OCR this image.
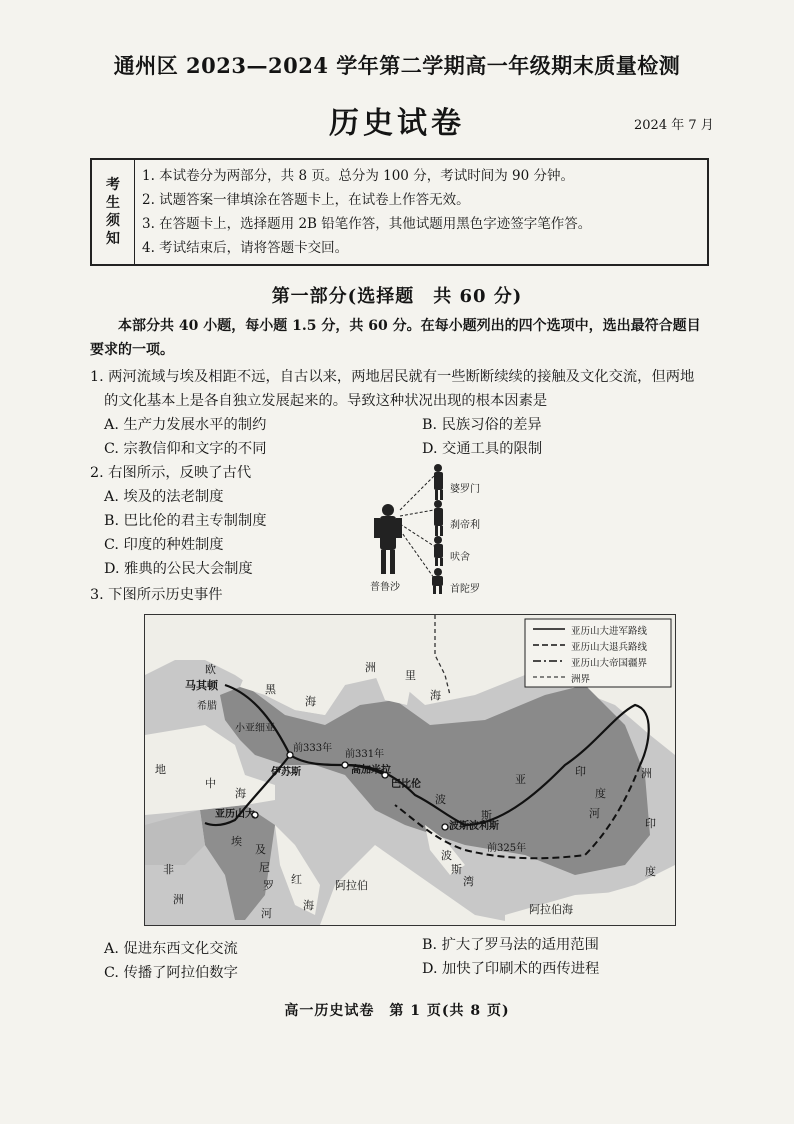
通州区 2023—2024 学年第二学期高一年级期末质量检测
历史试卷	2024 年 7 月
考
生
须
知
1. 本试卷分为两部分，共 8 页。总分为 100 分，考试时间为 90 分钟。
2. 试题答案一律填涂在答题卡上，在试卷上作答无效。
3. 在答题卡上，选择题用 2B 铅笔作答，其他试题用黑色字迹签字笔作答。
4. 考试结束后，请将答题卡交回。
第一部分(选择题　共 60 分)
本部分共 40 小题，每小题 1.5 分，共 60 分。在每小题列出的四个选项中，选出最符合题目
要求的一项。
1. 两河流域与埃及相距不远，自古以来，两地居民就有一些断断续续的接触及文化交流，但两地
的文化基本上是各自独立发展起来的。导致这种状况出现的根本因素是
A. 生产力发展水平的制约	B. 民族习俗的差异
C. 宗教信仰和文字的不同	D. 交通工具的限制
2. 右图所示，反映了古代
A. 埃及的法老制度
B. 巴比伦的君主专制制度
C. 印度的种姓制度
D. 雅典的公民大会制度
婆罗门
刹帝利
吠舍
首陀罗
普鲁沙
3. 下图所示历史事件
亚历山大进军路线
亚历山大退兵路线
亚历山大帝国疆界
洲界
欧	洲
马其顿	黑
海
里
海
希腊
小亚细亚
前333年
前331年
伊苏斯	高加米拉
巴比伦
地
中
海
亚历山大
埃
及
尼
罗
河
红
海
非
洲
阿拉伯
波
斯
湾
波
斯
波斯波利斯
前325年
亚
印
度
河
洲
印
度
阿拉伯海
A. 促进东西文化交流	B. 扩大了罗马法的适用范围
C. 传播了阿拉伯数字	D. 加快了印刷术的西传进程
高一历史试卷　第 1 页(共 8 页)
